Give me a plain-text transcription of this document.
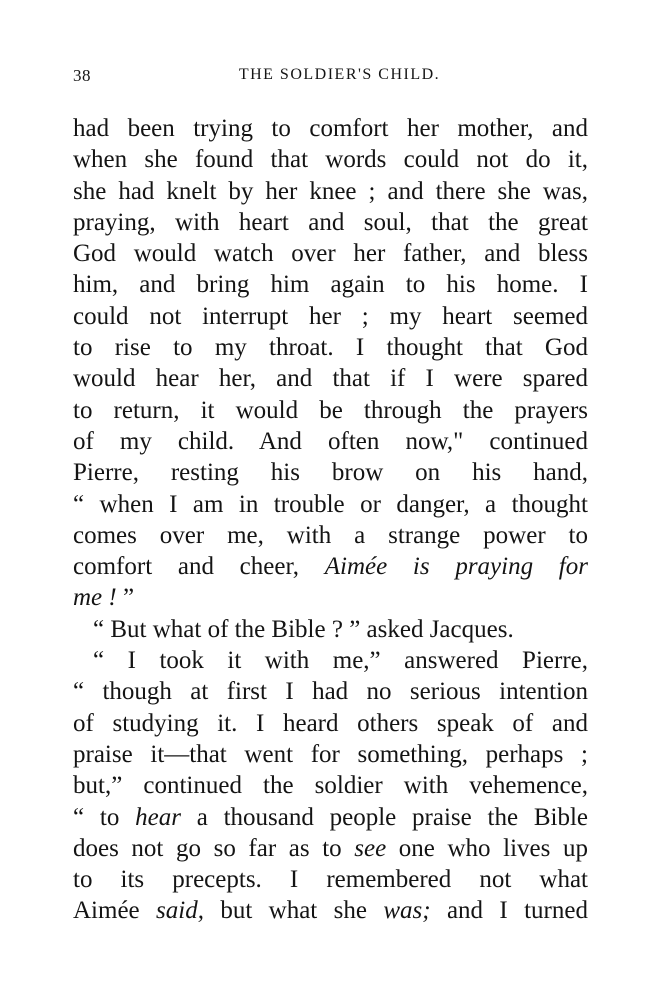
38	THE SOLDIER'S CHILD.
had been trying to comfort her mother, and
when she found that words could not do it,
she had knelt by her knee ; and there she was,
praying, with heart and soul, that the great
God would watch over her father, and bless
him, and bring him again to his home. I
could not interrupt her ; my heart seemed
to rise to my throat. I thought that God
would hear her, and that if I were spared
to return, it would be through the prayers
of my child. And often now," continued
Pierre, resting his brow on his hand,
“ when I am in trouble or danger, a thought
comes over me, with a strange power to
comfort and cheer, Aimée is praying for
me ! ”
“ But what of the Bible ? ” asked Jacques.
“ I took it with me,” answered Pierre,
“ though at first I had no serious intention
of studying it. I heard others speak of and
praise it—that went for something, perhaps ;
but,” continued the soldier with vehemence,
“ to hear a thousand people praise the Bible
does not go so far as to see one who lives up
to its precepts. I remembered not what
Aimée said, but what she was; and I turned
